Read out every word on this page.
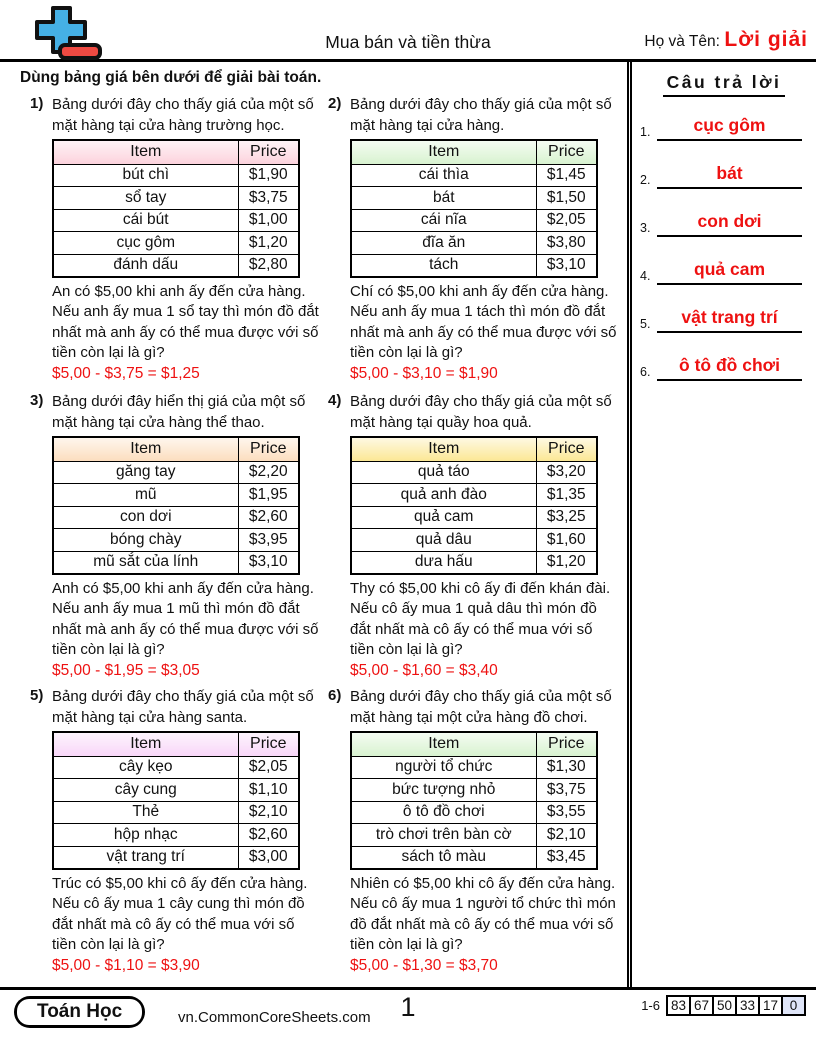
Mua bán và tiền thừa	Họ và Tên: Lời giải
Dùng bảng giá bên dưới để giải bài toán.
1) Bảng dưới đây cho thấy giá của một số mặt hàng tại cửa hàng trường học.
Item	Price
bút chì	$1,90
sổ tay	$3,75
cái bút	$1,00
cục gôm	$1,20
đánh dấu	$2,80
An có $5,00 khi anh ấy đến cửa hàng. Nếu anh ấy mua 1 sổ tay thì món đồ đắt nhất mà anh ấy có thể mua được với số tiền còn lại là gì?
$5,00 - $3,75 = $1,25
2) Bảng dưới đây cho thấy giá của một số mặt hàng tại cửa hàng.
Item	Price
cái thìa	$1,45
bát	$1,50
cái nĩa	$2,05
đĩa ăn	$3,80
tách	$3,10
Chí có $5,00 khi anh ấy đến cửa hàng. Nếu anh ấy mua 1 tách thì món đồ đắt nhất mà anh ấy có thể mua được với số tiền còn lại là gì?
$5,00 - $3,10 = $1,90
3) Bảng dưới đây hiển thị giá của một số mặt hàng tại cửa hàng thể thao.
Item	Price
găng tay	$2,20
mũ	$1,95
con dơi	$2,60
bóng chày	$3,95
mũ sắt của lính	$3,10
Anh có $5,00 khi anh ấy đến cửa hàng. Nếu anh ấy mua 1 mũ thì món đồ đắt nhất mà anh ấy có thể mua được với số tiền còn lại là gì?
$5,00 - $1,95 = $3,05
4) Bảng dưới đây cho thấy giá của một số mặt hàng tại quầy hoa quả.
Item	Price
quả táo	$3,20
quả anh đào	$1,35
quả cam	$3,25
quả dâu	$1,60
dưa hấu	$1,20
Thy có $5,00 khi cô ấy đi đến khán đài. Nếu cô ấy mua 1 quả dâu thì món đồ đắt nhất mà cô ấy có thể mua với số tiền còn lại là gì?
$5,00 - $1,60 = $3,40
5) Bảng dưới đây cho thấy giá của một số mặt hàng tại cửa hàng santa.
Item	Price
cây kẹo	$2,05
cây cung	$1,10
Thẻ	$2,10
hộp nhạc	$2,60
vật trang trí	$3,00
Trúc có $5,00 khi cô ấy đến cửa hàng. Nếu cô ấy mua 1 cây cung thì món đồ đắt nhất mà cô ấy có thể mua với số tiền còn lại là gì?
$5,00 - $1,10 = $3,90
6) Bảng dưới đây cho thấy giá của một số mặt hàng tại một cửa hàng đồ chơi.
Item	Price
người tổ chức	$1,30
bức tượng nhỏ	$3,75
ô tô đồ chơi	$3,55
trò chơi trên bàn cờ	$2,10
sách tô màu	$3,45
Nhiên có $5,00 khi cô ấy đến cửa hàng. Nếu cô ấy mua 1 người tổ chức thì món đồ đắt nhất mà cô ấy có thể mua với số tiền còn lại là gì?
$5,00 - $1,30 = $3,70
Câu trả lời
1.	cục gôm
2.	bát
3.	con dơi
4.	quả cam
5.	vật trang trí
6.	ô tô đồ chơi
Toán Học	vn.CommonCoreSheets.com	1	1-6 83 67 50 33 17 0
